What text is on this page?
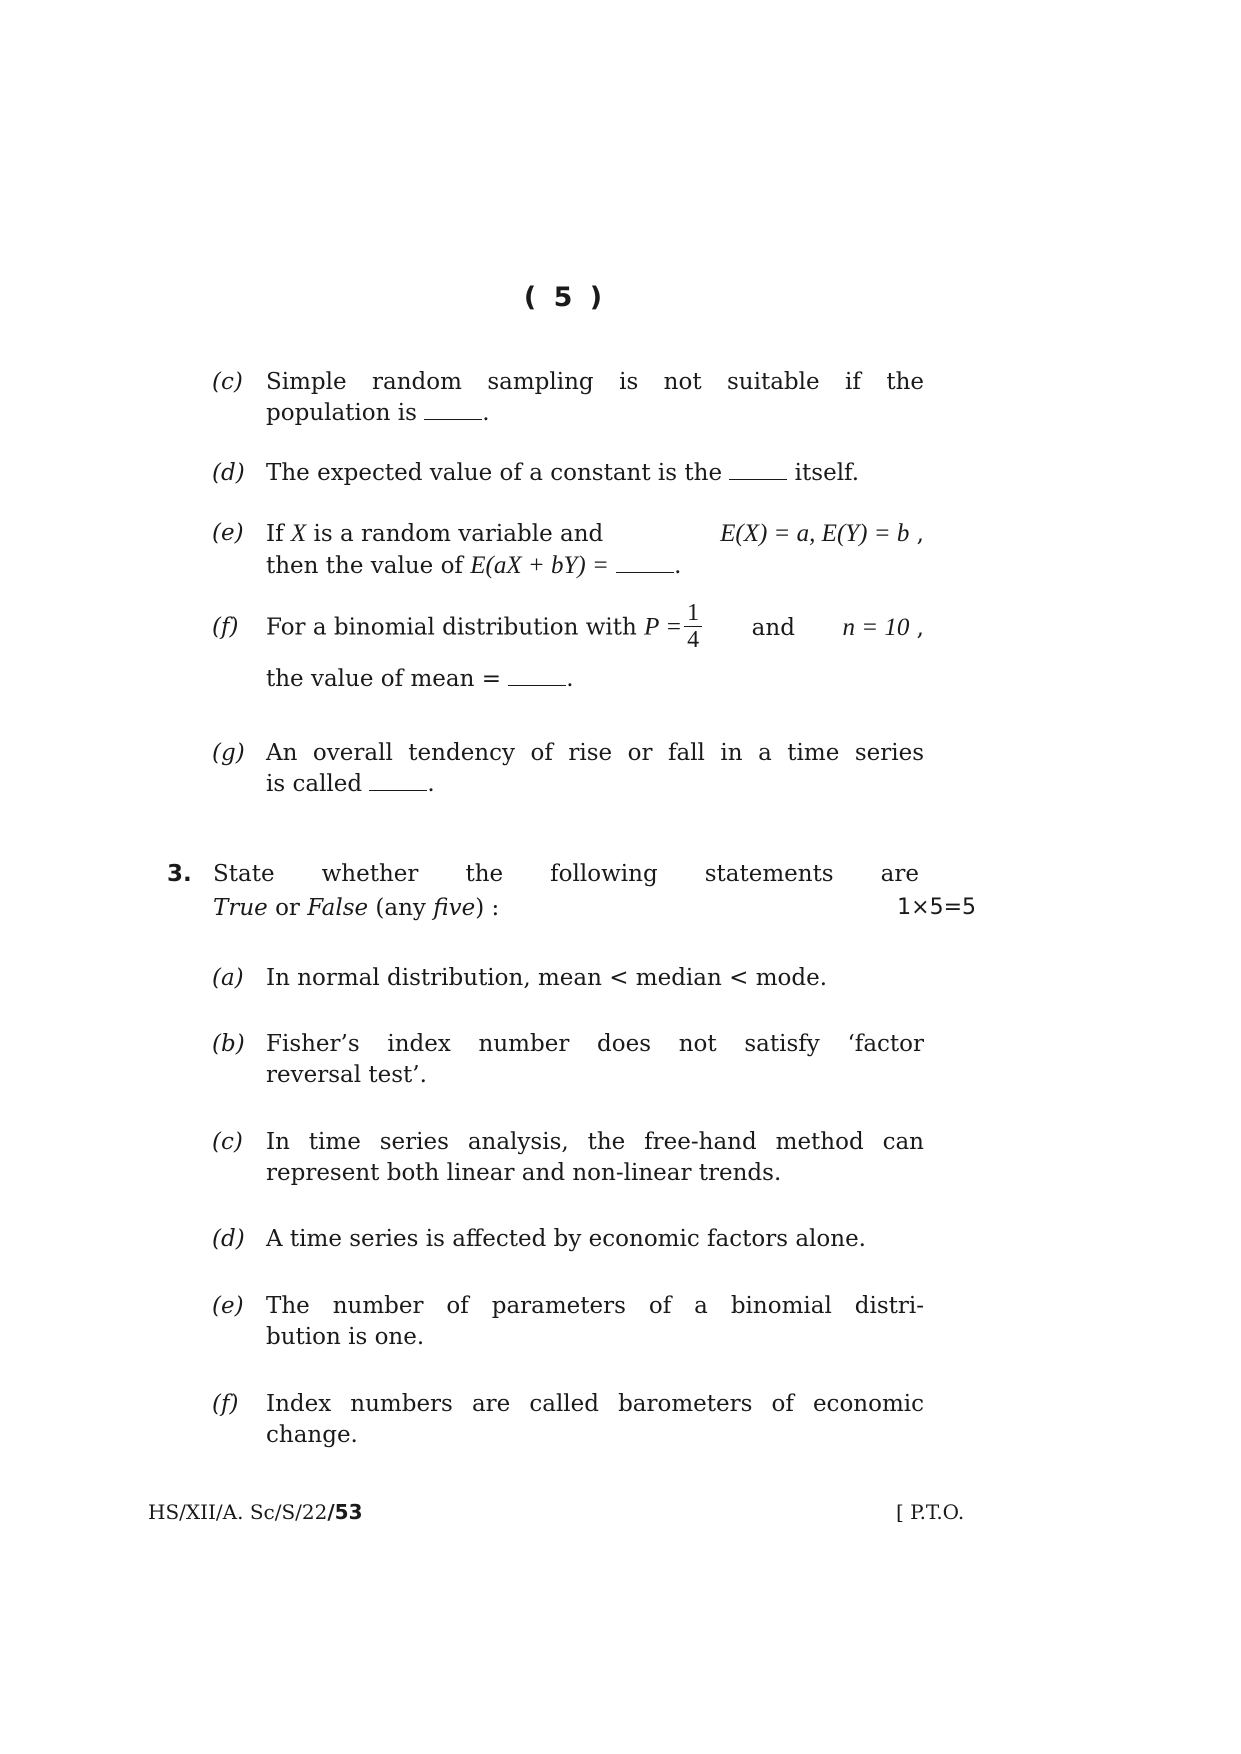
( 5 )
(c)	Simple random sampling is not suitable if the
population is	.
(d) The expected value of a constant is the	itself.
(e) If X is a random variable and	E(X) = a, E(Y) = b ,
then the value of E(aX + bY) =	.
(f)	For a binomial distribution with $P = \frac{1}{4}$ and n = 10 ,
the value of mean =	.
(g) An overall tendency of rise or fall in a time series
is called	.
3. State whether the following statements are
True or False (any five) :	1×5=5
(a) In normal distribution, mean < median < mode.
(b) Fisher’s index number does not satisfy ‘factor
reversal test’.
(c)	In time series analysis, the free-hand method can
represent both linear and non-linear trends.
(d) A time series is affected by economic factors alone.
(e) The number of parameters of a binomial distri-
bution is one.
(f)	Index numbers are called barometers of economic
change.
HS/XII/A. Sc/S/22/53	[ P.T.O.
